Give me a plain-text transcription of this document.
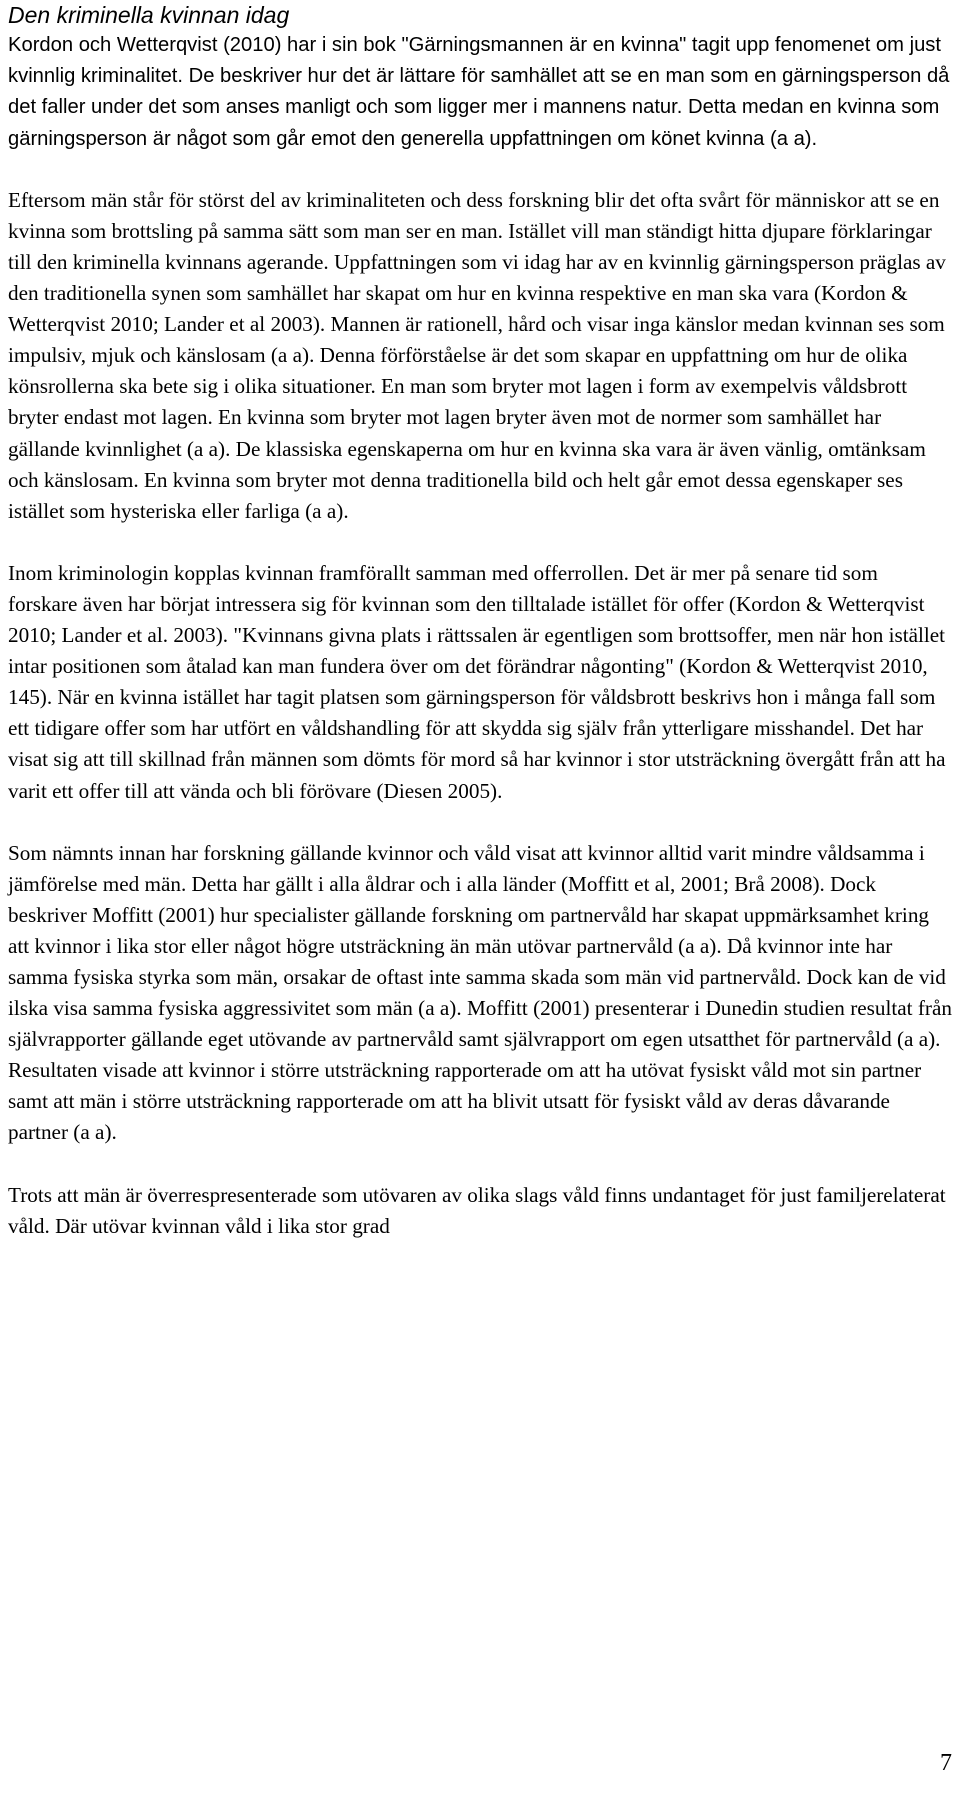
Den kriminella kvinnan idag

Kordon och Wetterqvist (2010) har i sin bok "Gärningsmannen är en kvinna" tagit upp fenomenet om just kvinnlig kriminalitet. De beskriver hur det är lättare för samhället att se en man som en gärningsperson då det faller under det som anses manligt och som ligger mer i mannens natur. Detta medan en kvinna som gärningsperson är något som går emot den generella uppfattningen om könet kvinna (a a).

Eftersom män står för störst del av kriminaliteten och dess forskning blir det ofta svårt för människor att se en kvinna som brottsling på samma sätt som man ser en man. Istället vill man ständigt hitta djupare förklaringar till den kriminella kvinnans agerande. Uppfattningen som vi idag har av en kvinnlig gärningsperson präglas av den traditionella synen som samhället har skapat om hur en kvinna respektive en man ska vara (Kordon & Wetterqvist 2010; Lander et al 2003). Mannen är rationell, hård och visar inga känslor medan kvinnan ses som impulsiv, mjuk och känslosam (a a). Denna förförståelse är det som skapar en uppfattning om hur de olika könsrollerna ska bete sig i olika situationer. En man som bryter mot lagen i form av exempelvis våldsbrott bryter endast mot lagen. En kvinna som bryter mot lagen bryter även mot de normer som samhället har gällande kvinnlighet (a a). De klassiska egenskaperna om hur en kvinna ska vara är även vänlig, omtänksam och känslosam. En kvinna som bryter mot denna traditionella bild och helt går emot dessa egenskaper ses istället som hysteriska eller farliga (a a).

Inom kriminologin kopplas kvinnan framförallt samman med offerrollen. Det är mer på senare tid som forskare även har börjat intressera sig för kvinnan som den tilltalade istället för offer (Kordon & Wetterqvist 2010; Lander et al. 2003). "Kvinnans givna plats i rättssalen är egentligen som brottsoffer, men när hon istället intar positionen som åtalad kan man fundera över om det förändrar någonting" (Kordon & Wetterqvist 2010, 145). När en kvinna istället har tagit platsen som gärningsperson för våldsbrott beskrivs hon i många fall som ett tidigare offer som har utfört en våldshandling för att skydda sig själv från ytterligare misshandel. Det har visat sig att till skillnad från männen som dömts för mord så har kvinnor i stor utsträckning övergått från att ha varit ett offer till att vända och bli förövare (Diesen 2005).

Som nämnts innan har forskning gällande kvinnor och våld visat att kvinnor alltid varit mindre våldsamma i jämförelse med män. Detta har gällt i alla åldrar och i alla länder (Moffitt et al, 2001; Brå 2008). Dock beskriver Moffitt (2001) hur specialister gällande forskning om partnervåld har skapat uppmärksamhet kring att kvinnor i lika stor eller något högre utsträckning än män utövar partnervåld (a a). Då kvinnor inte har samma fysiska styrka som män, orsakar de oftast inte samma skada som män vid partnervåld. Dock kan de vid ilska visa samma fysiska aggressivitet som män (a a). Moffitt (2001) presenterar i Dunedin studien resultat från självrapporter gällande eget utövande av partnervåld samt självrapport om egen utsatthet för partnervåld (a a). Resultaten visade att kvinnor i större utsträckning rapporterade om att ha utövat fysiskt våld mot sin partner samt att män i större utsträckning rapporterade om att ha blivit utsatt för fysiskt våld av deras dåvarande partner (a a).

Trots att män är överrespresenterade som utövaren av olika slags våld finns undantaget för just familjerelaterat våld. Där utövar kvinnan våld i lika stor grad

7
